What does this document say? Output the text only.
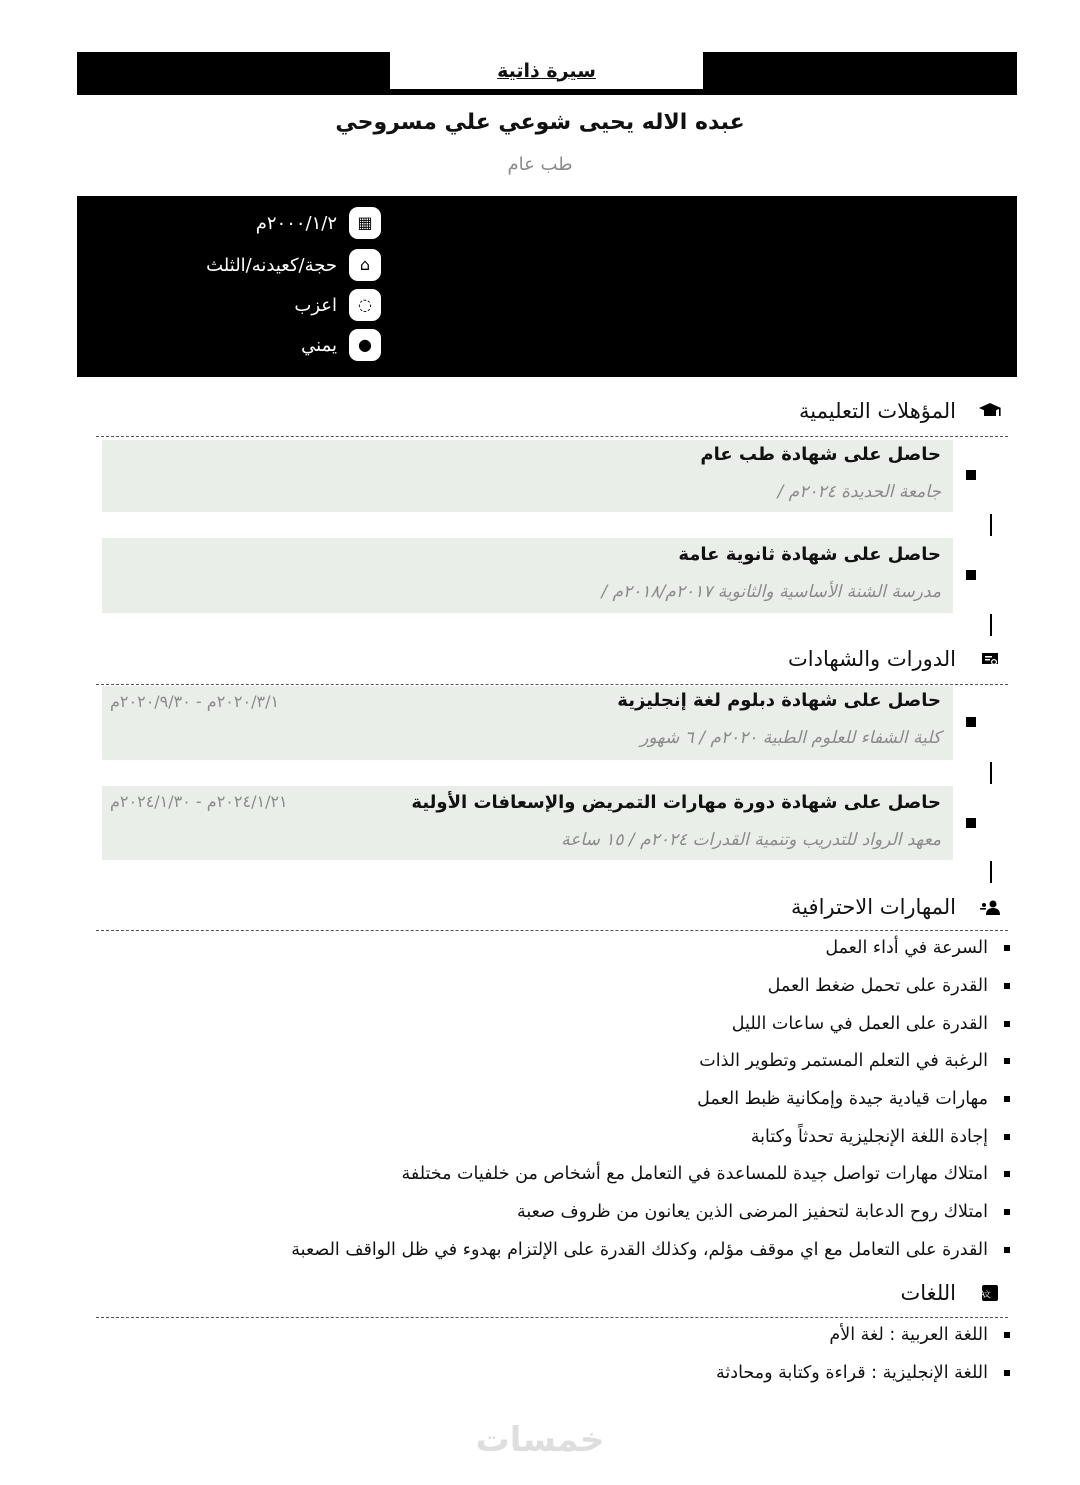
سيرة ذاتية
عبده الاله يحيى شوعي علي مسروحي
طب عام
▦
٢٠٠٠/١/٢م
⌂
حجة/كعيدنه/الثلث
◌
اعزب
●
يمني
المؤهلات التعليمية
حاصل على شهادة طب عام
جامعة الحديدة ٢٠٢٤م /
حاصل على شهادة ثانوية عامة
مدرسة الشنة الأساسية والثانوية ٢٠١٧م/٢٠١٨م /
الدورات والشهادات
حاصل على شهادة دبلوم لغة إنجليزية
كلية الشفاء للعلوم الطبية ٢٠٢٠م / ٦ شهور
٢٠٢٠/٣/١م - ٢٠٢٠/٩/٣٠م
حاصل على شهادة دورة مهارات التمريض والإسعافات الأولية
معهد الرواد للتدريب وتنمية القدرات ٢٠٢٤م / ١٥ ساعة
٢٠٢٤/١/٢١م - ٢٠٢٤/١/٣٠م
المهارات الاحترافية
السرعة في أداء العمل
القدرة على تحمل ضغط العمل
القدرة على العمل في ساعات الليل
الرغبة في التعلم المستمر وتطوير الذات
مهارات قيادية جيدة وإمكانية ظبط العمل
إجادة اللغة الإنجليزية تحدثاً وكتابة
امتلاك مهارات تواصل جيدة للمساعدة في التعامل مع أشخاص من خلفيات مختلفة
امتلاك روح الدعابة لتحفيز المرضى الذين يعانون من ظروف صعبة
القدرة على التعامل مع اي موقف مؤلم، وكذلك القدرة على الإلتزام بهدوء في ظل الواقف الصعبة
A
文
اللغات
اللغة العربية : لغة الأم
اللغة الإنجليزية : قراءة وكتابة ومحادثة
خمسات
